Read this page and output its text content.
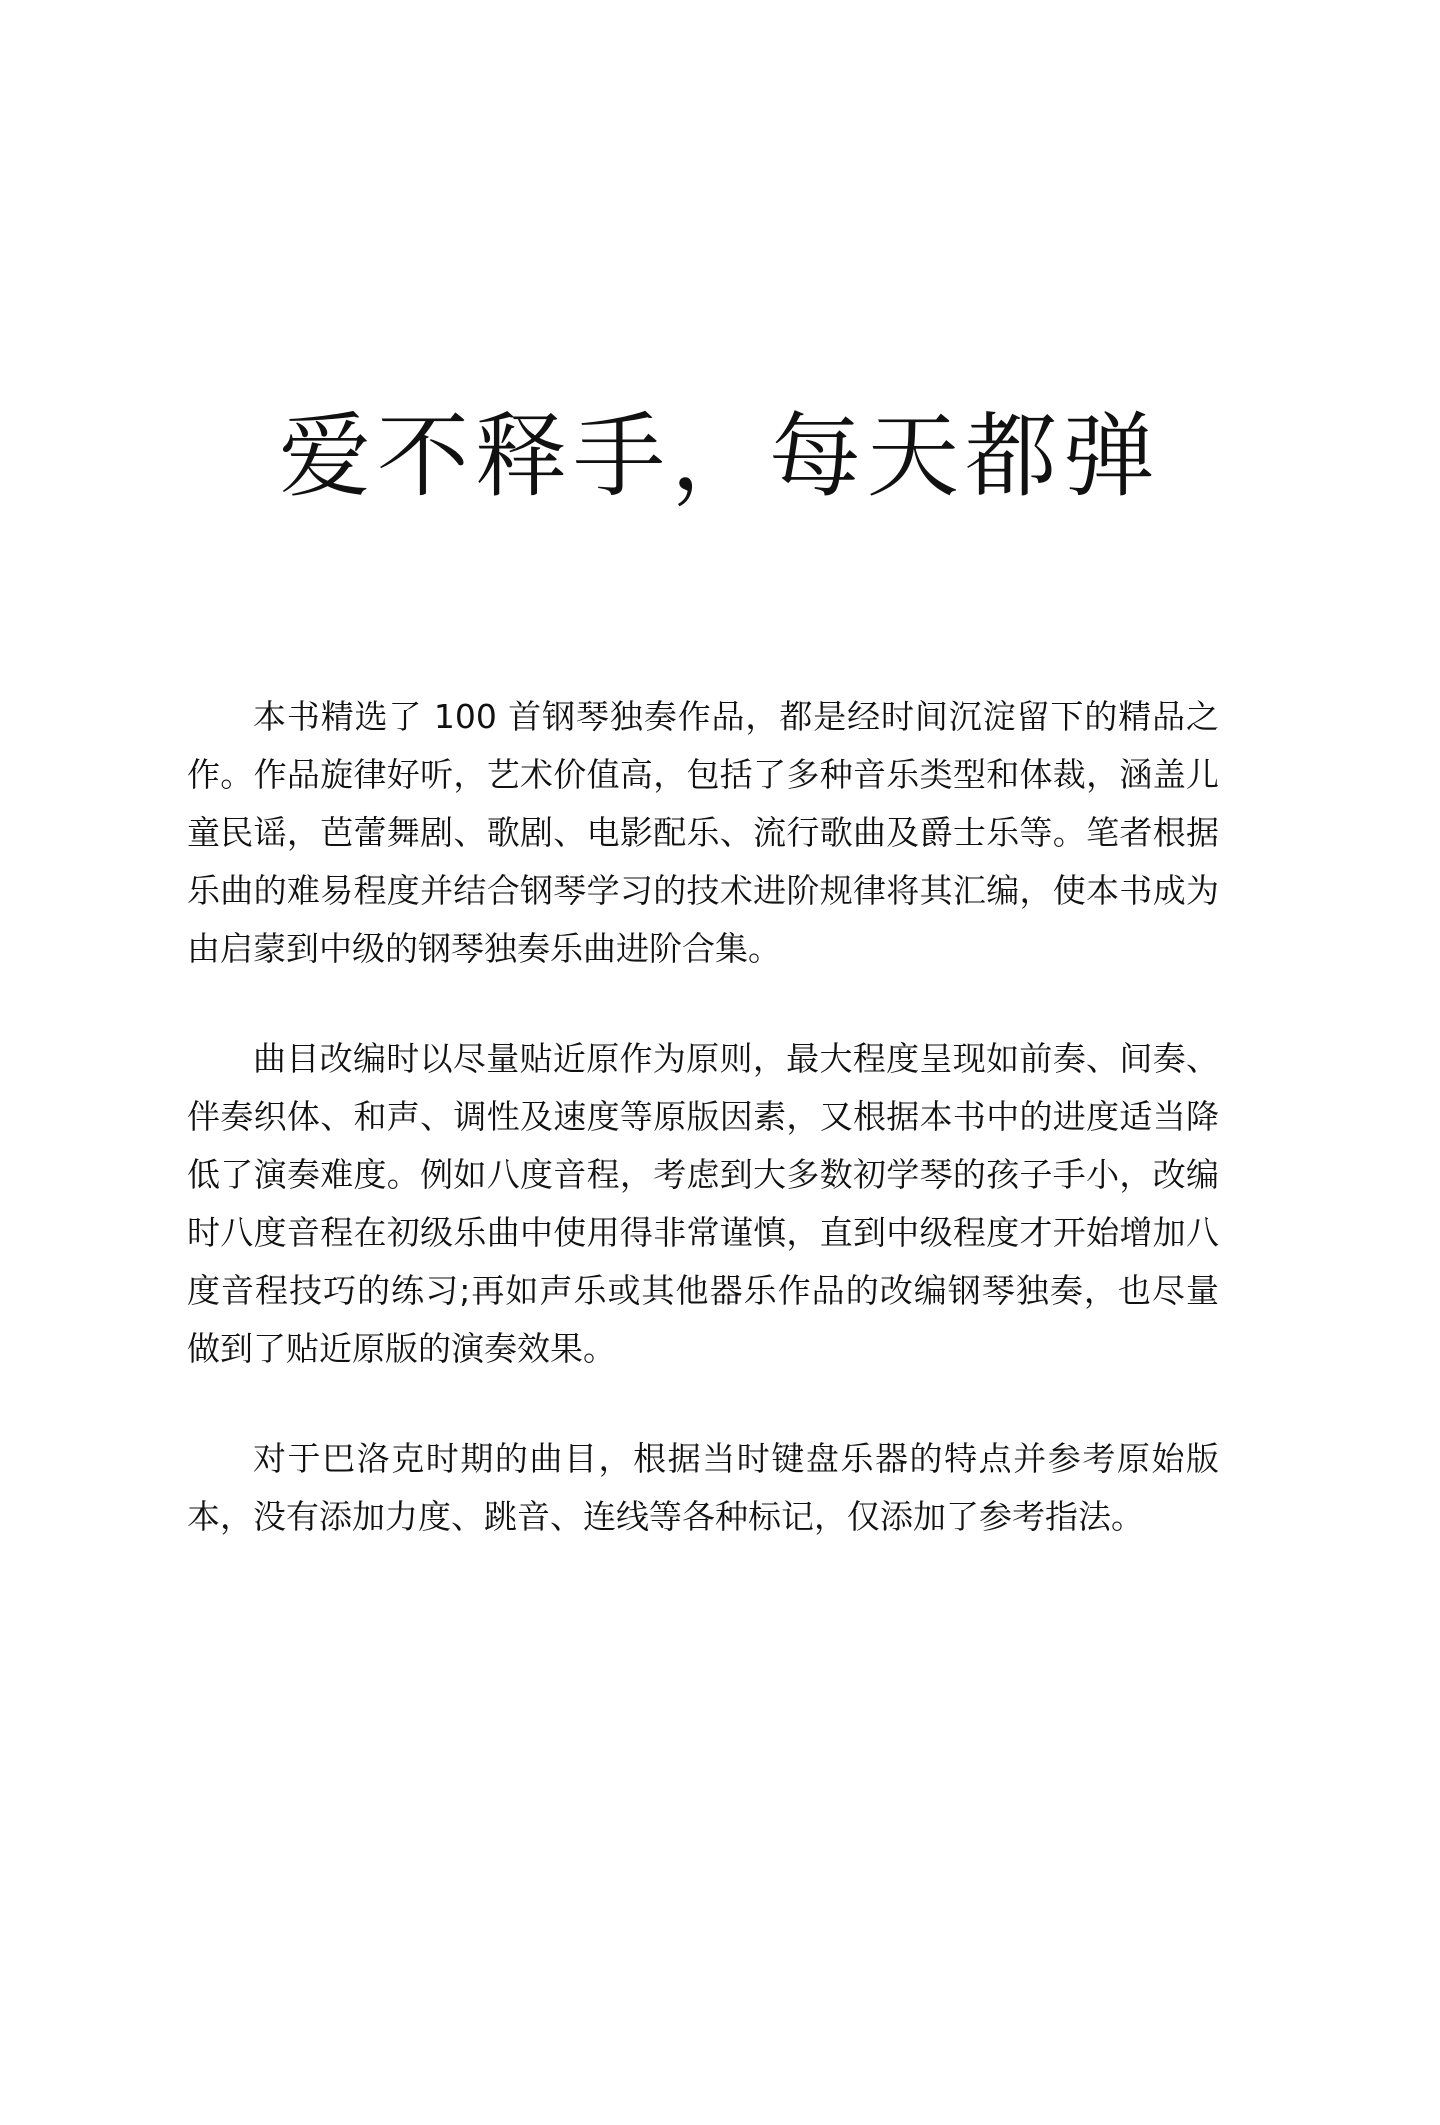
爱不释手，每天都弹

本书精选了 100 首钢琴独奏作品，都是经时间沉淀留下的精品之作。作品旋律好听，艺术价值高，包括了多种音乐类型和体裁，涵盖儿童民谣，芭蕾舞剧、歌剧、电影配乐、流行歌曲及爵士乐等。笔者根据乐曲的难易程度并结合钢琴学习的技术进阶规律将其汇编，使本书成为由启蒙到中级的钢琴独奏乐曲进阶合集。

曲目改编时以尽量贴近原作为原则，最大程度呈现如前奏、间奏、伴奏织体、和声、调性及速度等原版因素，又根据本书中的进度适当降低了演奏难度。例如八度音程，考虑到大多数初学琴的孩子手小，改编时八度音程在初级乐曲中使用得非常谨慎，直到中级程度才开始增加八度音程技巧的练习;再如声乐或其他器乐作品的改编钢琴独奏，也尽量做到了贴近原版的演奏效果。

对于巴洛克时期的曲目，根据当时键盘乐器的特点并参考原始版本，没有添加力度、跳音、连线等各种标记，仅添加了参考指法。
